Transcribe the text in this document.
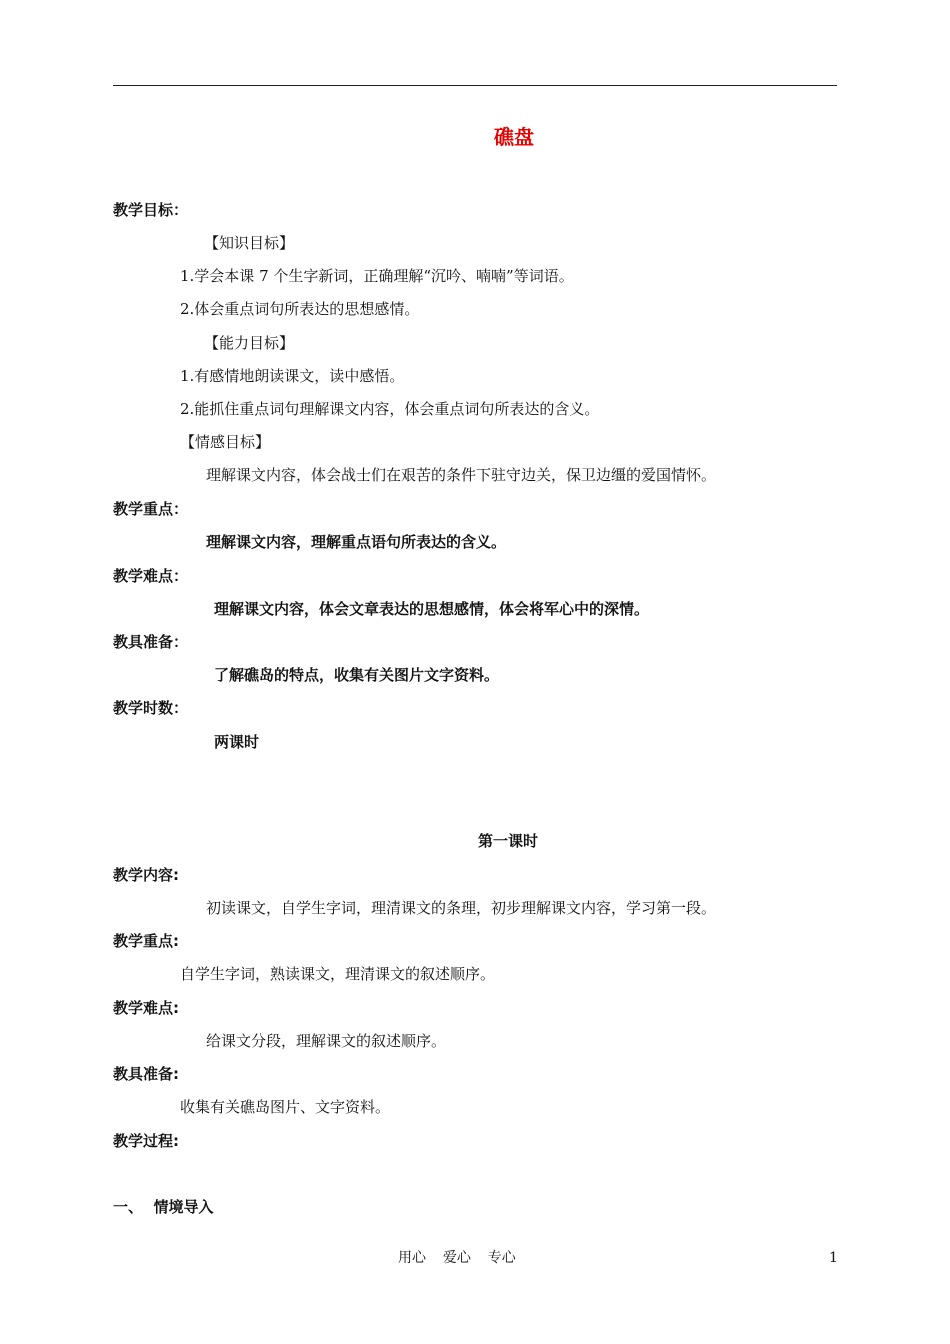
礁盘
教学目标：
【知识目标】
1.学会本课 7 个生字新词，正确理解“沉吟、喃喃”等词语。
2.体会重点词句所表达的思想感情。
【能力目标】
1.有感情地朗读课文，读中感悟。
2.能抓住重点词句理解课文内容，体会重点词句所表达的含义。
【情感目标】
理解课文内容，体会战士们在艰苦的条件下驻守边关，保卫边缰的爱国情怀。
教学重点：
理解课文内容，理解重点语句所表达的含义。
教学难点：
理解课文内容，体会文章表达的思想感情，体会将军心中的深情。
教具准备：
了解礁岛的特点，收集有关图片文字资料。
教学时数：
两课时
第一课时
教学内容:
初读课文，自学生字词，理清课文的条理，初步理解课文内容，学习第一段。
教学重点:
自学生字词，熟读课文，理清课文的叙述顺序。
教学难点:
给课文分段，理解课文的叙述顺序。
教具准备:
收集有关礁岛图片、文字资料。
教学过程:
一、  情境导入
用心  爱心  专心	1
